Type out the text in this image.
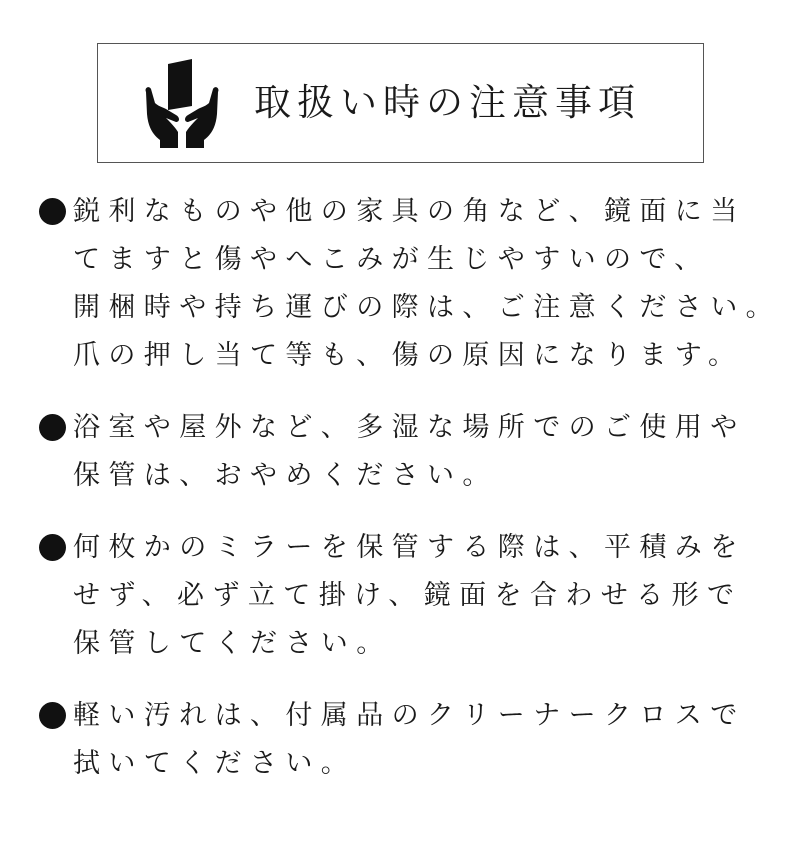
取扱い時の注意事項
鋭利なものや他の家具の角など、鏡面に当
てますと傷やへこみが生じやすいので、
開梱時や持ち運びの際は、ご注意ください。
爪の押し当て等も、傷の原因になります。
浴室や屋外など、多湿な場所でのご使用や
保管は、おやめください。
何枚かのミラーを保管する際は、平積みを
せず、必ず立て掛け、鏡面を合わせる形で
保管してください。
軽い汚れは、付属品のクリーナークロスで
拭いてください。
